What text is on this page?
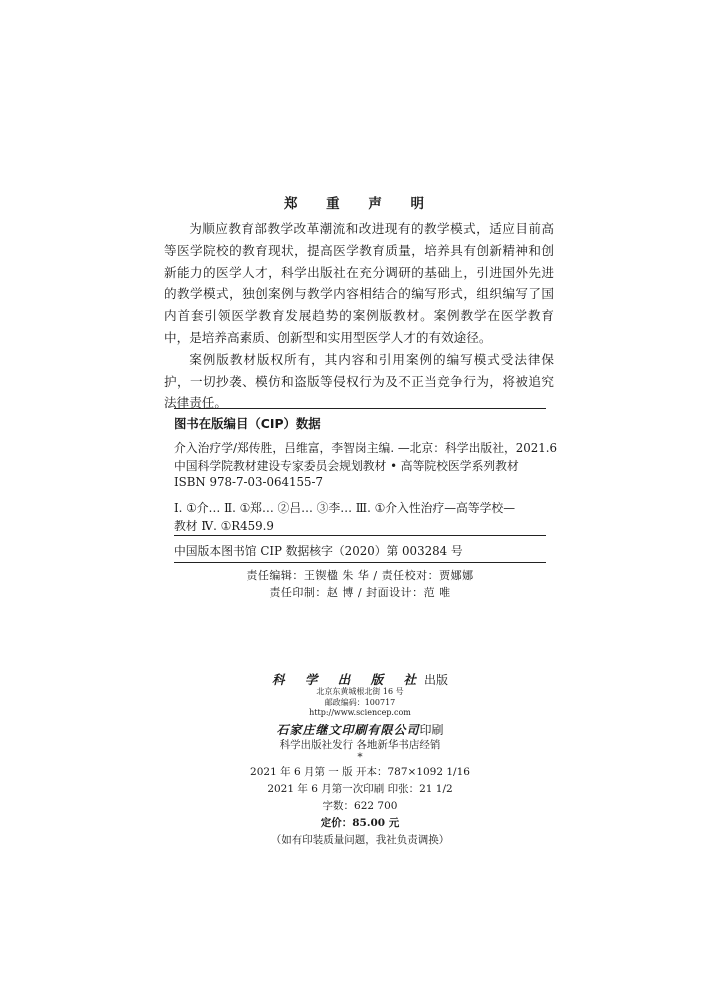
郑 重 声 明

为顺应教育部教学改革潮流和改进现有的教学模式，适应目前高等医学院校的教育现状，提高医学教育质量，培养具有创新精神和创新能力的医学人才，科学出版社在充分调研的基础上，引进国外先进的教学模式，独创案例与教学内容相结合的编写形式，组织编写了国内首套引领医学教育发展趋势的案例版教材。案例教学在医学教育中，是培养高素质、创新型和实用型医学人才的有效途径。

案例版教材版权所有，其内容和引用案例的编写模式受法律保护，一切抄袭、模仿和盗版等侵权行为及不正当竞争行为，将被追究法律责任。

图书在版编目（CIP）数据
介入治疗学/郑传胜，吕维富，李智岗主编. —北京：科学出版社，2021.6
中国科学院教材建设专家委员会规划教材 • 高等院校医学系列教材
ISBN 978-7-03-064155-7
Ⅰ. ①介… Ⅱ. ①郑… ②吕… ③李… Ⅲ. ①介入性治疗—高等学校—
教材 Ⅳ. ①R459.9
中国版本图书馆 CIP 数据核字（2020）第 003284 号
责任编辑：王锲楹 朱 华 / 责任校对：贾娜娜
责任印制：赵 博 / 封面设计：范 唯
科 学 出 版 社出版
北京东黄城根北街 16 号
邮政编码：100717
http://www.sciencep.com
石家庄继文印刷有限公司印刷
科学出版社发行 各地新华书店经销
*
2021 年 6 月第 一 版 开本：787×1092 1/16
2021 年 6 月第一次印刷 印张：21 1/2
字数：622 700
定价：85.00 元
（如有印装质量问题，我社负责调换）
